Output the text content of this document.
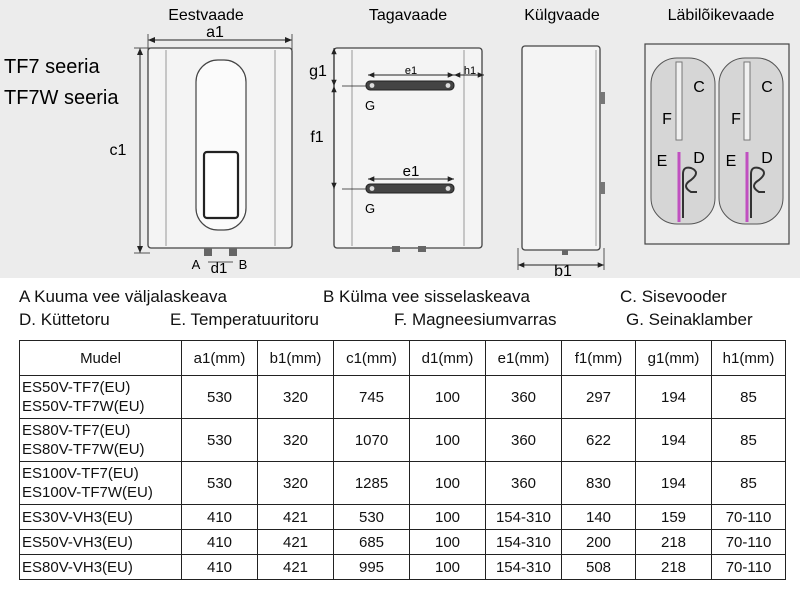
Eestvaade	Tagavaade	Külgvaade	Läbilõikevaade
TF7 seeria
TF7W seeria
a1
c1
A	B
d1
e1	h1
G
e1
G
g1
f1
b1
C
F
E D
C
F
E D
A Kuuma vee väljalaskeava	B Külma vee sisselaskeava	C. Sisevooder
D. Küttetoru	E. Temperatuuritoru	F. Magneesiumvarras	G. Seinaklamber
Mudel	a1(mm)	b1(mm)	c1(mm)	d1(mm)	e1(mm)	f1(mm)	g1(mm)	h1(mm)
ES50V-TF7(EU)
ES50V-TF7W(EU)	530	320	745	100	360	297	194	85
ES80V-TF7(EU)
ES80V-TF7W(EU)	530	320	1070	100	360	622	194	85
ES100V-TF7(EU)
ES100V-TF7W(EU)	530	320	1285	100	360	830	194	85
ES30V-VH3(EU)	410	421	530	100	154-310	140	159	70-110
ES50V-VH3(EU)	410	421	685	100	154-310	200	218	70-110
ES80V-VH3(EU)	410	421	995	100	154-310	508	218	70-110
